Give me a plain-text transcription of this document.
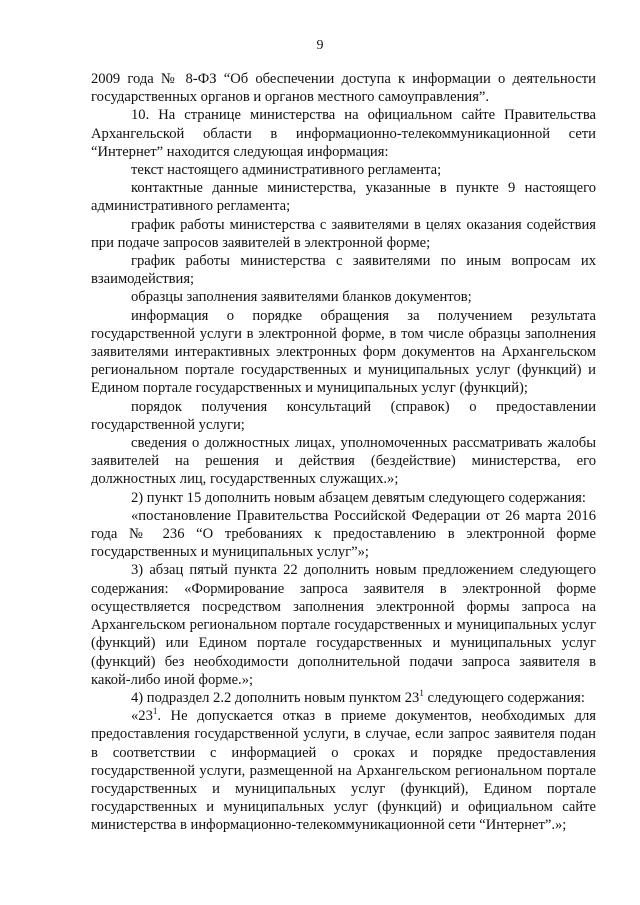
9

2009 года № 8-ФЗ “Об обеспечении доступа к информации о деятельности государственных органов и органов местного самоуправления”.

10. На странице министерства на официальном сайте Правительства Архангельской области в информационно-телекоммуникационной сети “Интернет” находится следующая информация:

текст настоящего административного регламента;

контактные данные министерства, указанные в пункте 9 настоящего административного регламента;

график работы министерства с заявителями в целях оказания содействия при подаче запросов заявителей в электронной форме;

график работы министерства с заявителями по иным вопросам их взаимодействия;

образцы заполнения заявителями бланков документов;

информация о порядке обращения за получением результата государственной услуги в электронной форме, в том числе образцы заполнения заявителями интерактивных электронных форм документов на Архангельском региональном портале государственных и муниципальных услуг (функций) и Едином портале государственных и муниципальных услуг (функций);

порядок получения консультаций (справок) о предоставлении государственной услуги;

сведения о должностных лицах, уполномоченных рассматривать жалобы заявителей на решения и действия (бездействие) министерства, его должностных лиц, государственных служащих.»;

2) пункт 15 дополнить новым абзацем девятым следующего содержания:

«постановление Правительства Российской Федерации от 26 марта 2016 года № 236 “О требованиях к предоставлению в электронной форме государственных и муниципальных услуг”»;

3) абзац пятый пункта 22 дополнить новым предложением следующего содержания: «Формирование запроса заявителя в электронной форме осуществляется посредством заполнения электронной формы запроса на Архангельском региональном портале государственных и муниципальных услуг (функций) или Едином портале государственных и муниципальных услуг (функций) без необходимости дополнительной подачи запроса заявителя в какой-либо иной форме.»;

4) подраздел 2.2 дополнить новым пунктом $23^1$ следующего содержания:

«$23^1$. Не допускается отказ в приеме документов, необходимых для предоставления государственной услуги, в случае, если запрос заявителя подан в соответствии с информацией о сроках и порядке предоставления государственной услуги, размещенной на Архангельском региональном портале государственных и муниципальных услуг (функций), Едином портале государственных и муниципальных услуг (функций) и официальном сайте министерства в информационно-телекоммуникационной сети “Интернет”.»;
